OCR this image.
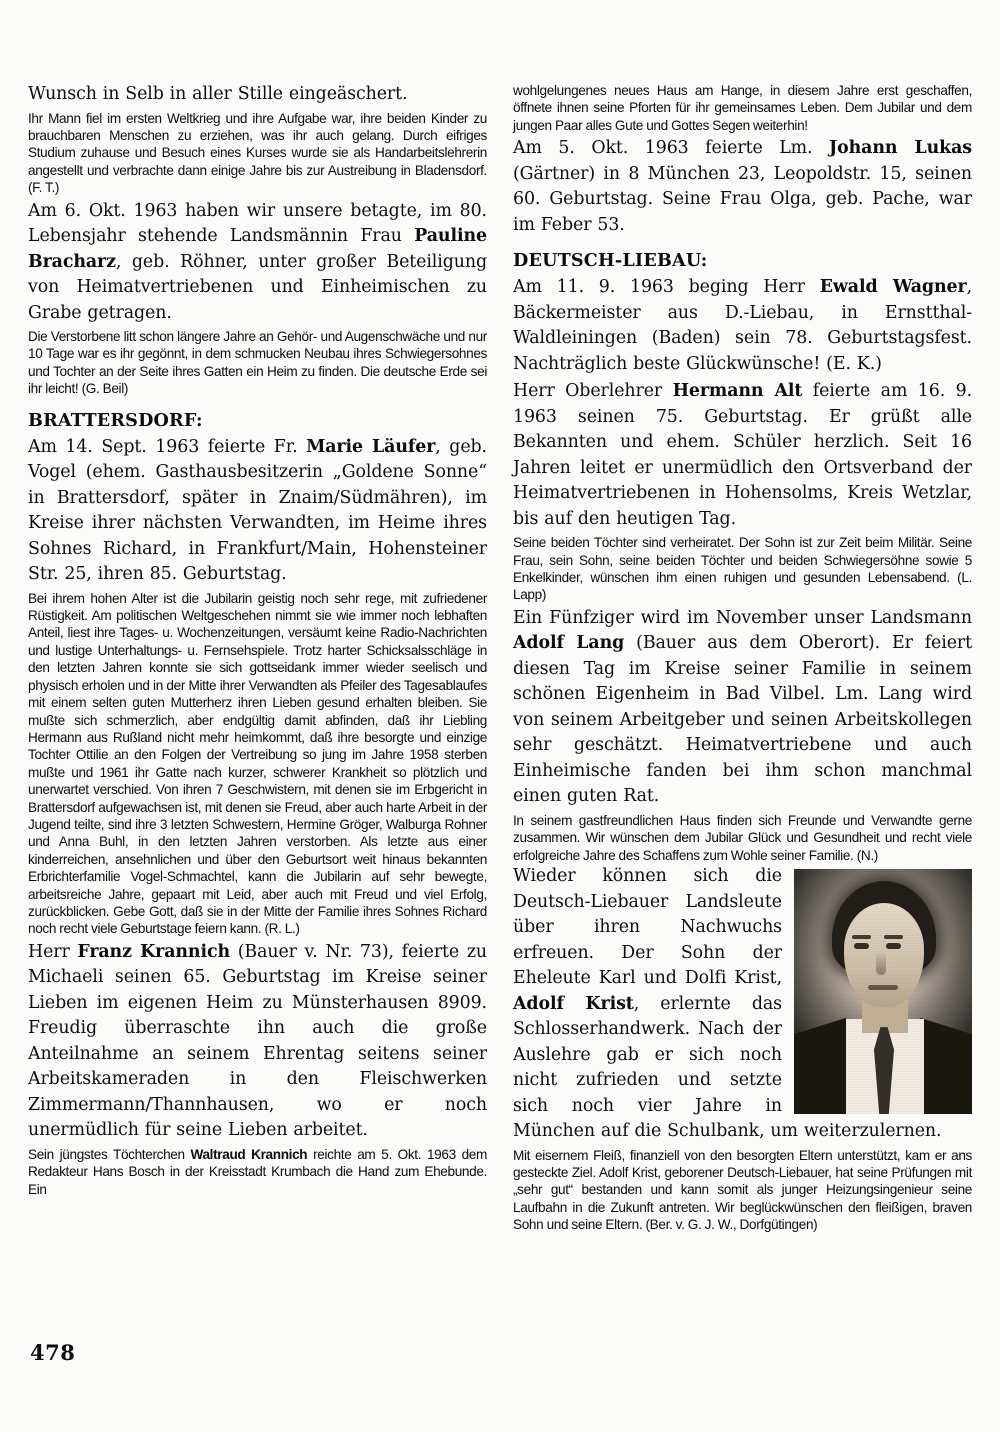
Wunsch in Selb in aller Stille eingeäschert.

Ihr Mann fiel im ersten Weltkrieg und ihre Aufgabe war, ihre beiden Kinder zu brauchbaren Menschen zu erziehen, was ihr auch gelang. Durch eifriges Studium zuhause und Besuch eines Kurses wurde sie als Handarbeitslehrerin angestellt und verbrachte dann einige Jahre bis zur Austreibung in Bladensdorf. (F. T.)

Am 6. Okt. 1963 haben wir unsere betagte, im 80. Lebensjahr stehende Landsmännin Frau Pauline Bracharz, geb. Röhner, unter großer Beteiligung von Heimatvertriebenen und Einheimischen zu Grabe getragen.

Die Verstorbene litt schon längere Jahre an Gehör- und Augenschwäche und nur 10 Tage war es ihr gegönnt, in dem schmucken Neubau ihres Schwiegersohnes und Tochter an der Seite ihres Gatten ein Heim zu finden. Die deutsche Erde sei ihr leicht! (G. Beil)

BRATTERSDORF:

Am 14. Sept. 1963 feierte Fr. Marie Läufer, geb. Vogel (ehem. Gasthausbesitzerin „Goldene Sonne“ in Brattersdorf, später in Znaim/Südmähren), im Kreise ihrer nächsten Verwandten, im Heime ihres Sohnes Richard, in Frankfurt/Main, Hohensteiner Str. 25, ihren 85. Geburtstag.

Bei ihrem hohen Alter ist die Jubilarin geistig noch sehr rege, mit zufriedener Rüstigkeit. Am politischen Weltgeschehen nimmt sie wie immer noch lebhaften Anteil, liest ihre Tages- u. Wochenzeitungen, versäumt keine Radio-Nachrichten und lustige Unterhaltungs- u. Fernsehspiele. Trotz harter Schicksalsschläge in den letzten Jahren konnte sie sich gottseidank immer wieder seelisch und physisch erholen und in der Mitte ihrer Verwandten als Pfeiler des Tagesablaufes mit einem selten guten Mutterherz ihren Lieben gesund erhalten bleiben. Sie mußte sich schmerzlich, aber endgültig damit abfinden, daß ihr Liebling Hermann aus Rußland nicht mehr heimkommt, daß ihre besorgte und einzige Tochter Ottilie an den Folgen der Vertreibung so jung im Jahre 1958 sterben mußte und 1961 ihr Gatte nach kurzer, schwerer Krankheit so plötzlich und unerwartet verschied. Von ihren 7 Geschwistern, mit denen sie im Erbgericht in Brattersdorf aufgewachsen ist, mit denen sie Freud, aber auch harte Arbeit in der Jugend teilte, sind ihre 3 letzten Schwestern, Hermine Gröger, Walburga Rohner und Anna Buhl, in den letzten Jahren verstorben. Als letzte aus einer kinderreichen, ansehnlichen und über den Geburtsort weit hinaus bekannten Erbrichterfamilie Vogel-Schmachtel, kann die Jubilarin auf sehr bewegte, arbeitsreiche Jahre, gepaart mit Leid, aber auch mit Freud und viel Erfolg, zurückblicken. Gebe Gott, daß sie in der Mitte der Familie ihres Sohnes Richard noch recht viele Geburtstage feiern kann. (R. L.)

Herr Franz Krannich (Bauer v. Nr. 73), feierte zu Michaeli seinen 65. Geburtstag im Kreise seiner Lieben im eigenen Heim zu Münsterhausen 8909. Freudig überraschte ihn auch die große Anteilnahme an seinem Ehrentag seitens seiner Arbeitskameraden in den Fleischwerken Zimmermann/Thannhausen, wo er noch unermüdlich für seine Lieben arbeitet.

Sein jüngstes Töchterchen Waltraud Krannich reichte am 5. Okt. 1963 dem Redakteur Hans Bosch in der Kreisstadt Krumbach die Hand zum Ehebunde. Ein

wohlgelungenes neues Haus am Hange, in diesem Jahre erst geschaffen, öffnete ihnen seine Pforten für ihr gemeinsames Leben. Dem Jubilar und dem jungen Paar alles Gute und Gottes Segen weiterhin!

Am 5. Okt. 1963 feierte Lm. Johann Lukas (Gärtner) in 8 München 23, Leopoldstr. 15, seinen 60. Geburtstag. Seine Frau Olga, geb. Pache, war im Feber 53.

DEUTSCH-LIEBAU:

Am 11. 9. 1963 beging Herr Ewald Wagner, Bäckermeister aus D.-Liebau, in Ernstthal-Waldleiningen (Baden) sein 78. Geburtstagsfest. Nachträglich beste Glückwünsche! (E. K.)

Herr Oberlehrer Hermann Alt feierte am 16. 9. 1963 seinen 75. Geburtstag. Er grüßt alle Bekannten und ehem. Schüler herzlich. Seit 16 Jahren leitet er unermüdlich den Ortsverband der Heimatvertriebenen in Hohensolms, Kreis Wetzlar, bis auf den heutigen Tag.

Seine beiden Töchter sind verheiratet. Der Sohn ist zur Zeit beim Militär. Seine Frau, sein Sohn, seine beiden Töchter und beiden Schwiegersöhne sowie 5 Enkelkinder, wünschen ihm einen ruhigen und gesunden Lebensabend. (L. Lapp)

Ein Fünfziger wird im November unser Landsmann Adolf Lang (Bauer aus dem Oberort). Er feiert diesen Tag im Kreise seiner Familie in seinem schönen Eigenheim in Bad Vilbel. Lm. Lang wird von seinem Arbeitgeber und seinen Arbeitskollegen sehr geschätzt. Heimatvertriebene und auch Einheimische fanden bei ihm schon manchmal einen guten Rat.

In seinem gastfreundlichen Haus finden sich Freunde und Verwandte gerne zusammen. Wir wünschen dem Jubilar Glück und Gesundheit und recht viele erfolgreiche Jahre des Schaffens zum Wohle seiner Familie. (N.)

Wieder können sich die Deutsch-Liebauer Landsleute über ihren Nachwuchs erfreuen. Der Sohn der Eheleute Karl und Dolfi Krist, Adolf Krist, erlernte das Schlosserhandwerk. Nach der Auslehre gab er sich noch nicht zufrieden und setzte sich noch vier Jahre in München auf die Schulbank, um weiterzulernen.

Mit eisernem Fleiß, finanziell von den besorgten Eltern unterstützt, kam er ans gesteckte Ziel. Adolf Krist, geborener Deutsch-Liebauer, hat seine Prüfungen mit „sehr gut“ bestanden und kann somit als junger Heizungsingenieur seine Laufbahn in die Zukunft antreten. Wir beglückwünschen den fleißigen, braven Sohn und seine Eltern. (Ber. v. G. J. W., Dorfgütingen)

478
